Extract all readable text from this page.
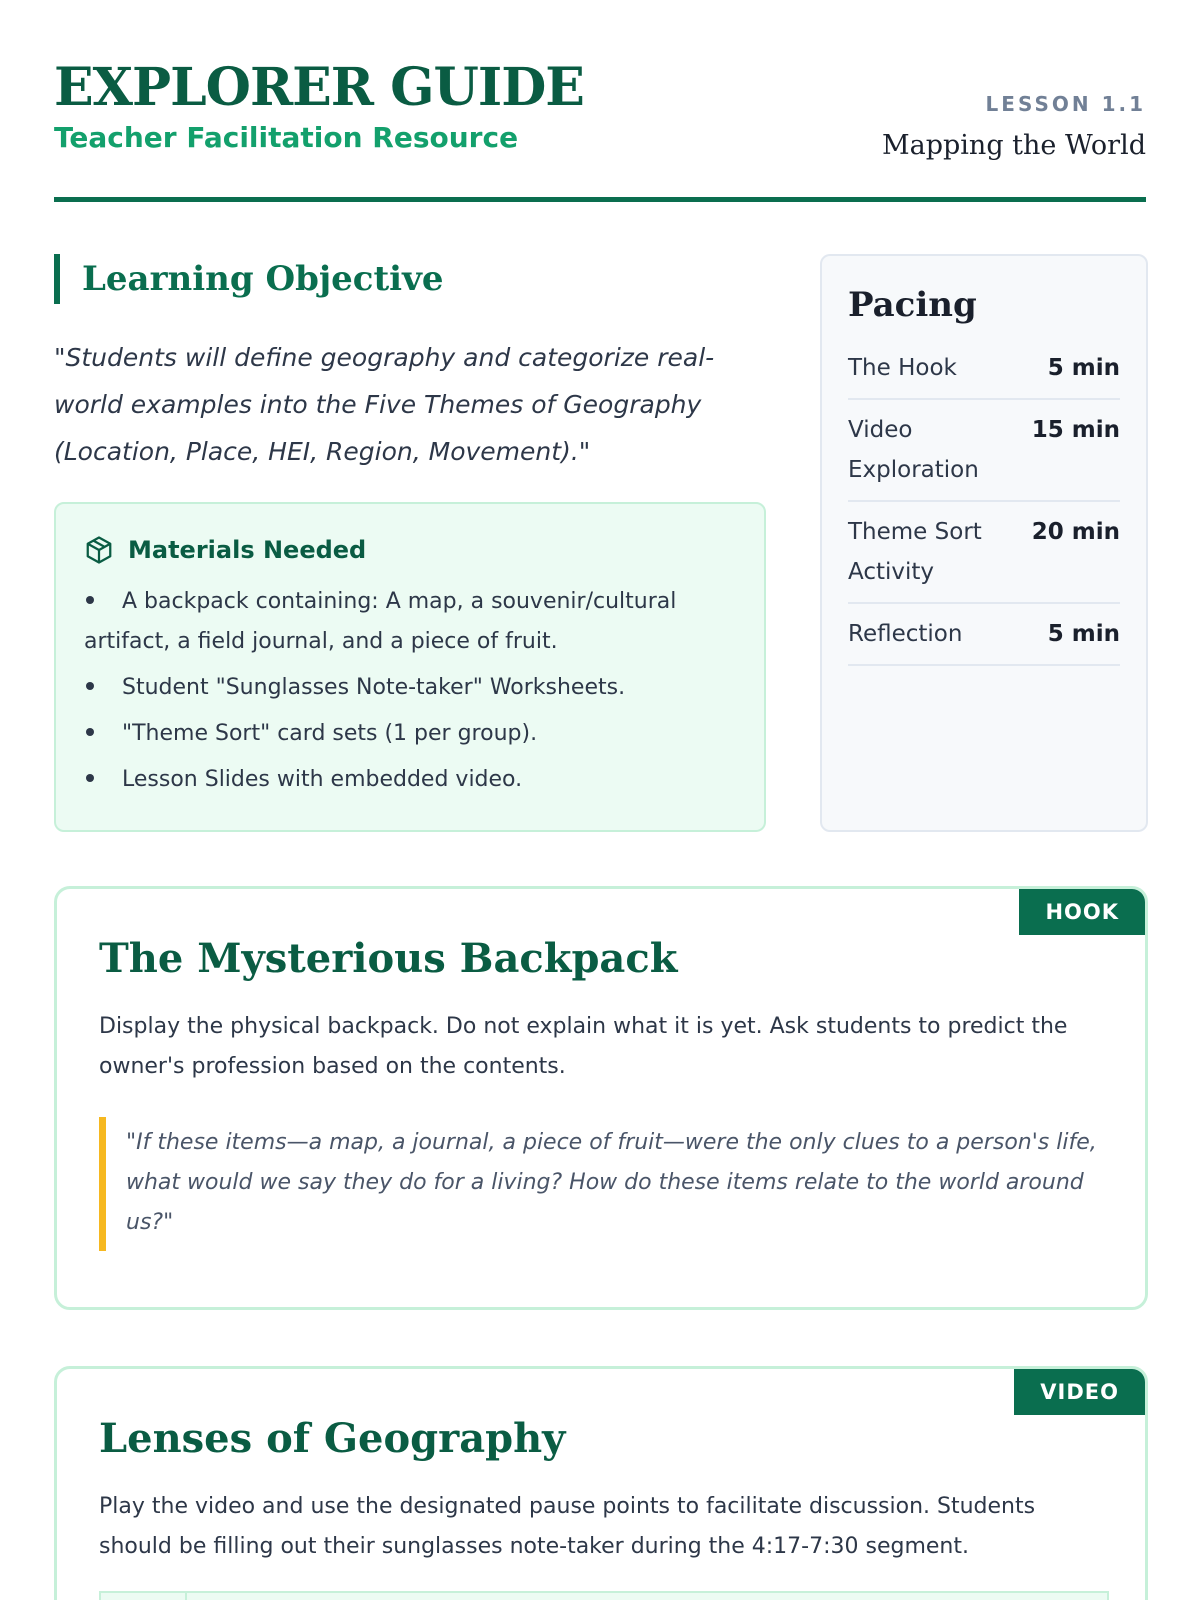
EXPLORER GUIDE
Teacher Facilitation Resource
LESSON 1.1
Mapping the World
Learning Objective

"Students will define geography and categorize real-world examples into the Five Themes of Geography (Location, Place, HEI, Region, Movement)."

Materials Needed
A backpack containing: A map, a souvenir/cultural artifact, a field journal, and a piece of fruit.
Student "Sunglasses Note-taker" Worksheets.
"Theme Sort" card sets (1 per group).
Lesson Slides with embedded video.
Pacing
The Hook	5 min
Video Exploration
15 min
Theme Sort Activity
20 min
Reflection	5 min
HOOK
The Mysterious Backpack

Display the physical backpack. Do not explain what it is yet. Ask students to predict the owner's profession based on the contents.

"If these items—a map, a journal, a piece of fruit—were the only clues to a person's life, what would we say they do for a living? How do these items relate to the world around us?"
VIDEO
Lenses of Geography

Play the video and use the designated pause points to facilitate discussion. Students should be filling out their sunglasses note-taker during the 4:17-7:30 segment.
